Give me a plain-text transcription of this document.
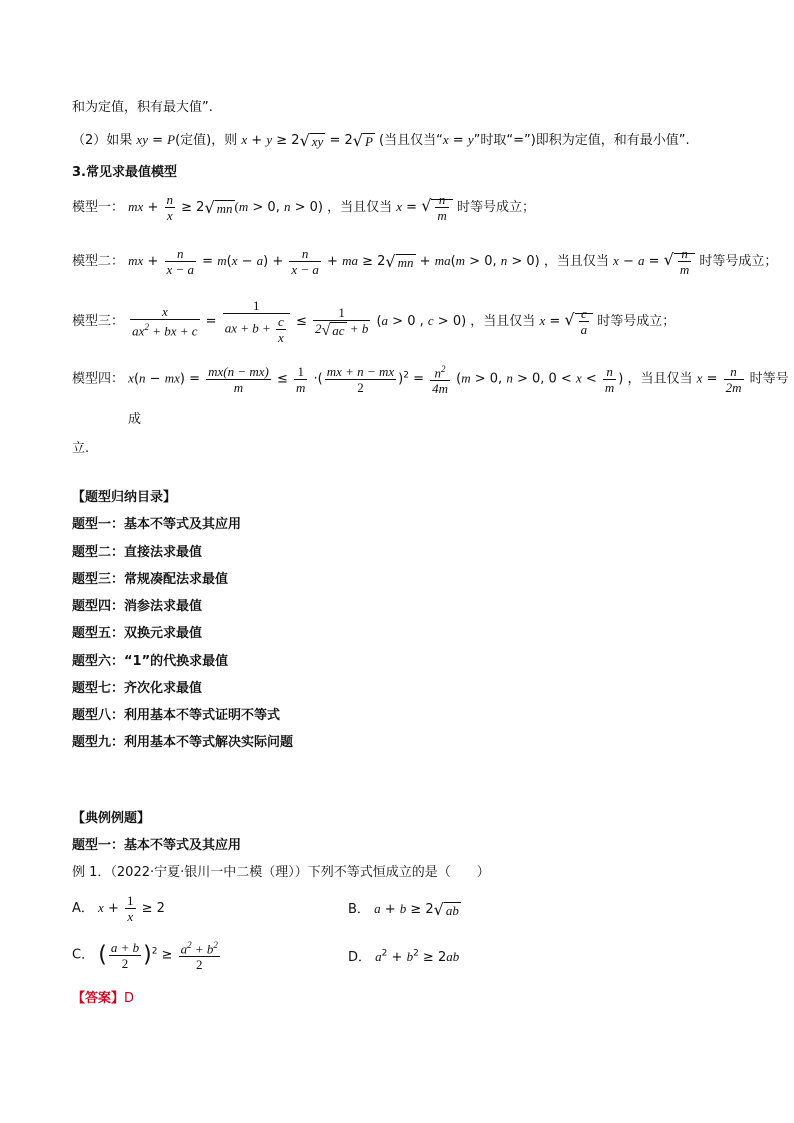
和为定值，积有最大值”.
（2）如果 xy = P(定值)，则 x + y ≥ 2√ xy = 2√ P (当且仅当“x = y”时取“=”)即积为定值，和有最小值”.
3.常见求最值模型
模型一： mx + $\frac{n}{x} \ge 2√$ mn (m > 0, n > 0) ，当且仅当 x = √ $\frac{n}{m}$ 时等号成立；
模型二： mx + $\frac{n}{x - a} = m(x - a) + \frac{n}{x - a}$ + ma ≥ 2√ mn + ma(m > 0, n > 0) ，当且仅当 x − a = √ $\frac{n}{m}$ 时等号成立；
模型三： $\frac{x}{ax^2 + bx + c} = \frac{1}{ax + b + \frac{c}{x}} \le \frac{1}{2√ ac + b} (a > 0$ , c > 0) ，当且仅当 x = √ $\frac{c}{a}$ 时等号成立；
模型四： $x(n - mx) = \frac{mx(n - mx)}{m} \le \frac{1}{m}$ ·( $\frac{mx + n - mx}{2} )^2 = \frac{n^2}{4m} (m > 0$, n > 0, $0 < x < \frac{n}{m}$ ) ，当且仅当 $x = \frac{n}{2m}$ 时等号
成
立.
【题型归纳目录】
题型一：基本不等式及其应用
题型二：直接法求最值
题型三：常规凑配法求最值
题型四：消参法求最值
题型五：双换元求最值
题型六：“1”的代换求最值
题型七：齐次化求最值
题型八：利用基本不等式证明不等式
题型九：利用基本不等式解决实际问题
【典例例题】
题型一：基本不等式及其应用
例 1．（2022·宁夏·银川一中二模（理））下列不等式恒成立的是（　　）
A． $x + \frac{1}{x} \ge 2$	B． a + b ≥ 2√ ab
C． ( $\frac{a + b}{2} )^2 \ge \frac{a^2 + b^2}{2}$	D． $a^2 + b^2 \ge 2ab$
【答案】D
